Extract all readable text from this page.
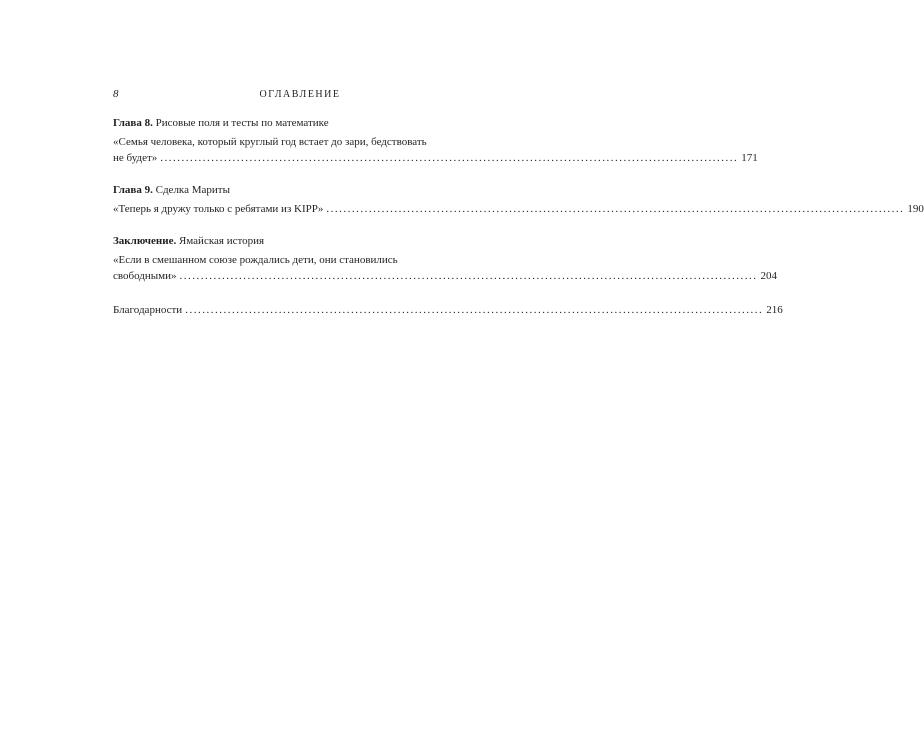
8	ОГЛАВЛЕНИЕ

Глава 8. Рисовые поля и тесты по математике

«Семья человека, который круглый год встает до зари, бедствовать
не будет» ........................................................................................................................................ 171

Глава 9. Сделка Мариты

«Теперь я дружу только с ребятами из KIPP» ........................................................................................................................................ 190

Заключение. Ямайская история

«Если в смешанном союзе рождались дети, они становились
свободными» ........................................................................................................................................ 204
Благодарности ........................................................................................................................................ 216
